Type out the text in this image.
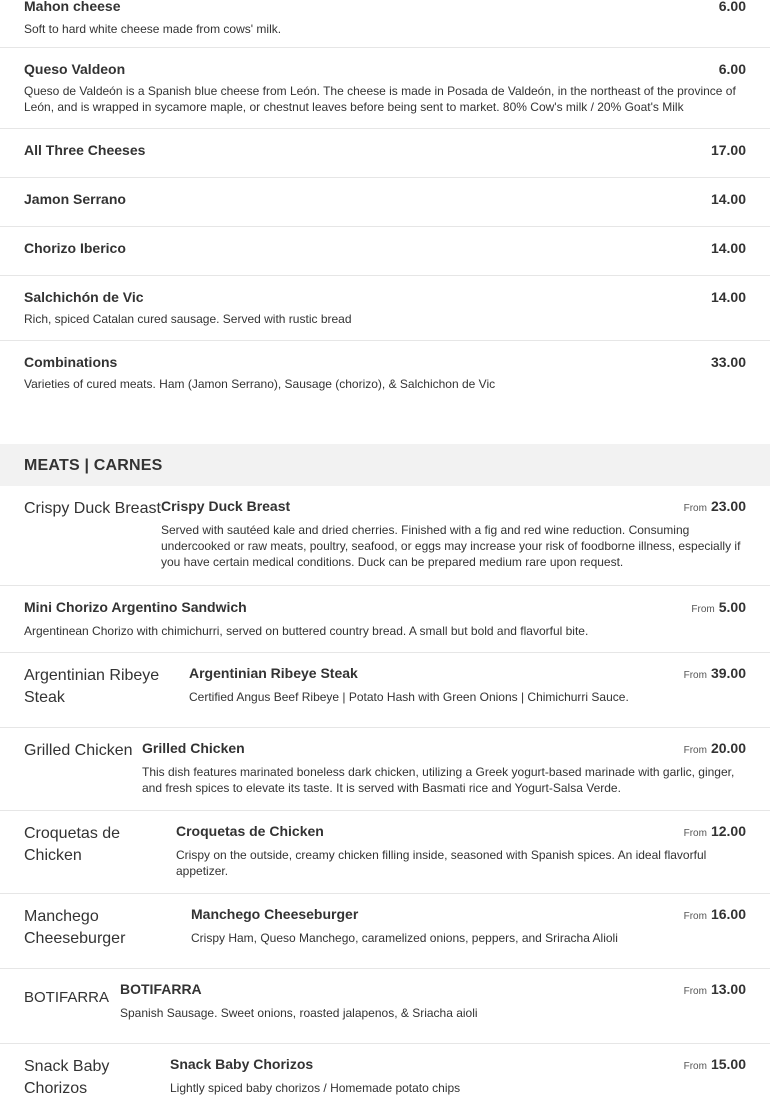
Mahon cheese	6.00
Soft to hard white cheese made from cows' milk.
Queso Valdeon	6.00
Queso de Valdeón is a Spanish blue cheese from León. The cheese is made in Posada de Valdeón, in the northeast of the province of León, and is wrapped in sycamore maple, or chestnut leaves before being sent to market. 80% Cow's milk / 20% Goat's Milk
All Three Cheeses	17.00
Jamon Serrano	14.00
Chorizo Iberico	14.00
Salchichón de Vic	14.00
Rich, spiced Catalan cured sausage. Served with rustic bread
Combinations	33.00
Varieties of cured meats. Ham (Jamon Serrano), Sausage (chorizo), & Salchichon de Vic
MEATS | CARNES
Crispy Duck Breast Crispy Duck Breast	From 23.00
Served with sautéed kale and dried cherries. Finished with a fig and red wine reduction. Consuming undercooked or raw meats, poultry, seafood, or eggs may increase your risk of foodborne illness, especially if you have certain medical conditions. Duck can be prepared medium rare upon request.
Mini Chorizo Argentino Sandwich	From 5.00
Argentinean Chorizo with chimichurri, served on buttered country bread. A small but bold and flavorful bite.
Argentinian Ribeye Steak
Argentinian Ribeye Steak	From 39.00
Certified Angus Beef Ribeye | Potato Hash with Green Onions | Chimichurri Sauce.
Grilled Chicken Grilled Chicken	From 20.00
This dish features marinated boneless dark chicken, utilizing a Greek yogurt-based marinade with garlic, ginger, and fresh spices to elevate its taste. It is served with Basmati rice and Yogurt-Salsa Verde.
Croquetas de Chicken
Croquetas de Chicken	From 12.00
Crispy on the outside, creamy chicken filling inside, seasoned with Spanish spices. An ideal flavorful appetizer.
Manchego Cheeseburger
Manchego Cheeseburger	From 16.00
Crispy Ham, Queso Manchego, caramelized onions, peppers, and Sriracha Alioli
BOTIFARRA BOTIFARRA	From 13.00
Spanish Sausage. Sweet onions, roasted jalapenos, & Sriacha aioli
Snack Baby Chorizos
Snack Baby Chorizos	From 15.00
Lightly spiced baby chorizos / Homemade potato chips
